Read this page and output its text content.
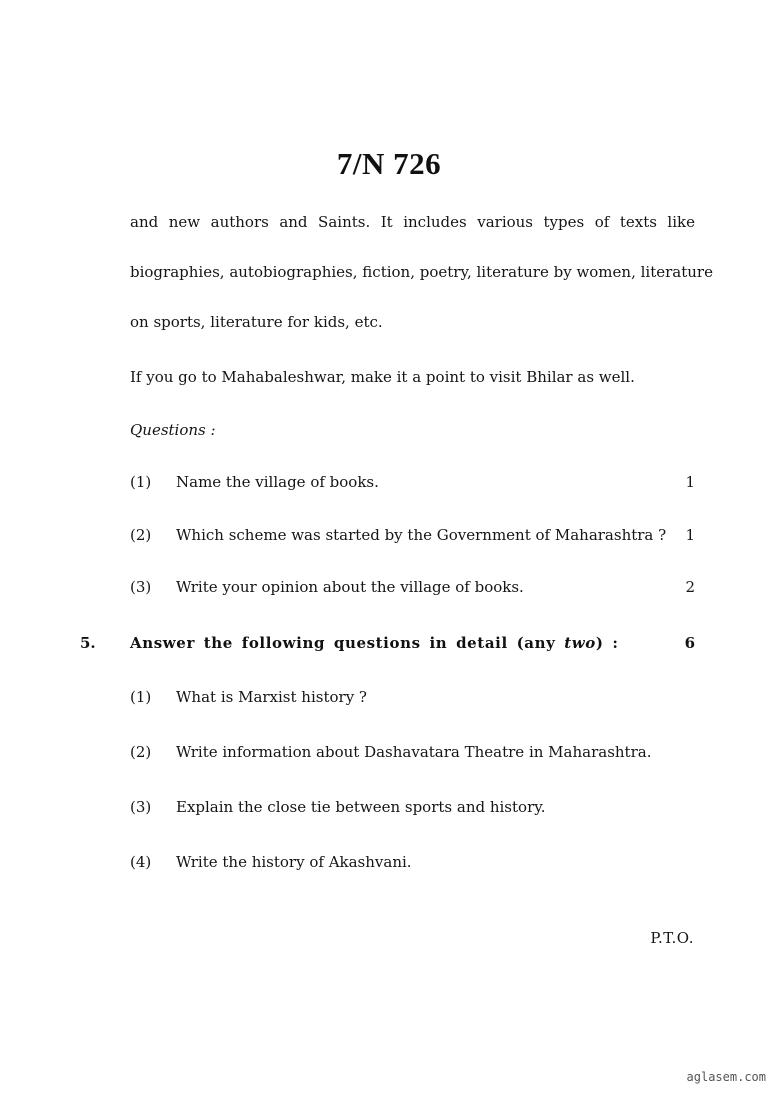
7/N 726
and new authors and Saints. It includes various types of texts like
biographies, autobiographies, fiction, poetry, literature by women, literature
on sports, literature for kids, etc.
If you go to Mahabaleshwar, make it a point to visit Bhilar as well.
Questions :
(1) Name the village of books.	1
(2) Which scheme was started by the Government of Maharashtra ? 1
(3) Write your opinion about the village of books.	2
5. Answer the following questions in detail (any two) :	6
(1) What is Marxist history ?
(2) Write information about Dashavatara Theatre in Maharashtra.
(3) Explain the close tie between sports and history.
(4) Write the history of Akashvani.
P.T.O.
aglasem.com
